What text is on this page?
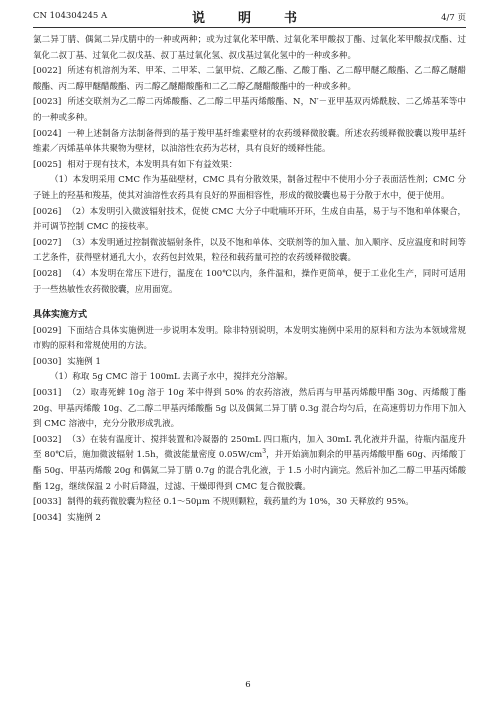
CN 104304245 A	说　明　书	4/7 页

氯二异丁腈、偶氮二异戊腈中的一种或两种；或为过氧化苯甲酰、过氧化苯甲酸叔丁酯、过氧化苯甲酸叔戊酯、过氧化二叔丁基、过氧化二叔戊基、叔丁基过氧化氢、叔戊基过氧化氢中的一种或多种。

[0022] 所述有机溶剂为苯、甲苯、二甲苯、二氯甲烷、乙酸乙酯、乙酸丁酯、乙二醇甲醚乙酸酯、乙二醇乙醚醋酸酯、丙二醇甲醚醋酸酯、丙二醇乙醚醋酸酯和二乙二醇乙醚醋酸酯中的一种或多种。

[0023] 所述交联剂为乙二醇二丙烯酸酯、乙二醇二甲基丙烯酸酯、N，N′－亚甲基双丙烯酰胺、二乙烯基苯等中的一种或多种。

[0024] 一种上述制备方法制备得到的基于羧甲基纤维素壁材的农药缓释微胶囊。所述农药缓释微胶囊以羧甲基纤维素／丙烯基单体共聚物为壁材，以油溶性农药为芯材，具有良好的缓释性能。

[0025] 相对于现有技术，本发明具有如下有益效果：

（1）本发明采用 CMC 作为基础壁材，CMC 具有分散效果，制备过程中不使用小分子表面活性剂；CMC 分子链上的羟基和羧基，使其对油溶性农药具有良好的界面相容性，形成的微胶囊也易于分散于水中，便于使用。

[0026] （2）本发明引入微波辐射技术，促使 CMC 大分子中吡喃环开环，生成自由基，易于与不饱和单体聚合，并可调节控制 CMC 的接枝率。

[0027] （3）本发明通过控制微波辐射条件，以及不饱和单体、交联剂等的加入量、加入顺序、反应温度和时间等工艺条件，获得壁材通孔大小，农药包封效果，粒径和载药量可控的农药缓释微胶囊。

[0028] （4）本发明在常压下进行，温度在 100℃以内，条件温和，操作更简单，便于工业化生产，同时可适用于一些热敏性农药微胶囊，应用面宽。

具体实施方式

[0029] 下面结合具体实施例进一步说明本发明。除非特别说明，本发明实施例中采用的原料和方法为本领域常规市购的原料和常规使用的方法。

[0030] 实施例 1

（1）称取 5g CMC 溶于 100mL 去离子水中，搅拌充分溶解。

[0031] （2）取毒死蜱 10g 溶于 10g 苯中得到 50% 的农药溶液，然后再与甲基丙烯酸甲酯 30g、丙烯酸丁酯 20g、甲基丙烯酸 10g、乙二醇二甲基丙烯酸酯 5g 以及偶氮二异丁腈 0.3g 混合均匀后，在高速剪切力作用下加入到 CMC 溶液中，充分分散形成乳液。

[0032] （3）在装有温度计、搅拌装置和冷凝器的 250mL 四口瓶内，加入 30mL 乳化液并升温，待瓶内温度升至 80℃后，施加微波辐射 1.5h，微波能量密度 $0.05W/cm^3$，并开始滴加剩余的甲基丙烯酸甲酯 60g、丙烯酸丁酯 50g、甲基丙烯酸 20g 和偶氮二异丁腈 0.7g 的混合乳化液，于 1.5 小时内滴完。然后补加乙二醇二甲基丙烯酸酯 12g，继续保温 2 小时后降温，过滤、干燥即得到 CMC 复合微胶囊。

[0033] 制得的载药微胶囊为粒径 0.1～50μm 不规则颗粒，载药量约为 10%，30 天释放约 95%。

[0034] 实施例 2

6
